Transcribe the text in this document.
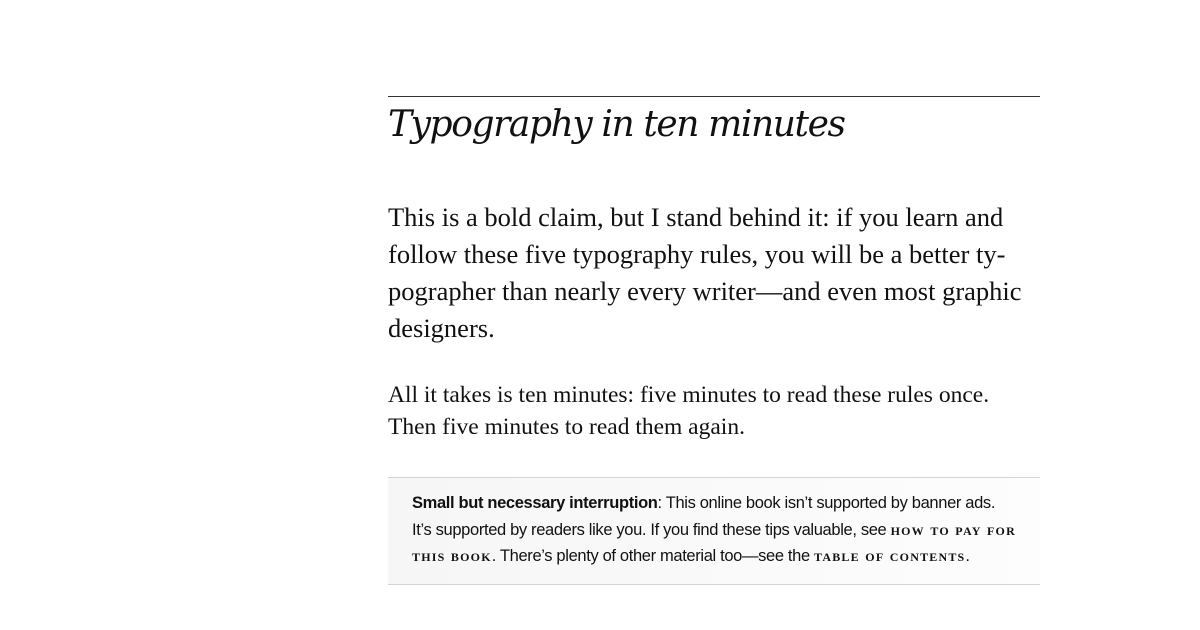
Typography in ten minutes

This is a bold claim, but I stand behind it: if you learn and follow these five typography rules, you will be a better typographer than nearly every writer—and even most graphic designers.

All it takes is ten minutes: five minutes to read these rules once.
Then five minutes to read them again.

Small but necessary interruption: This online book isn’t supported by banner ads. It’s supported by readers like you. If you find these tips valuable, see how to pay for this book. There’s plenty of other material too—see the table of contents.
